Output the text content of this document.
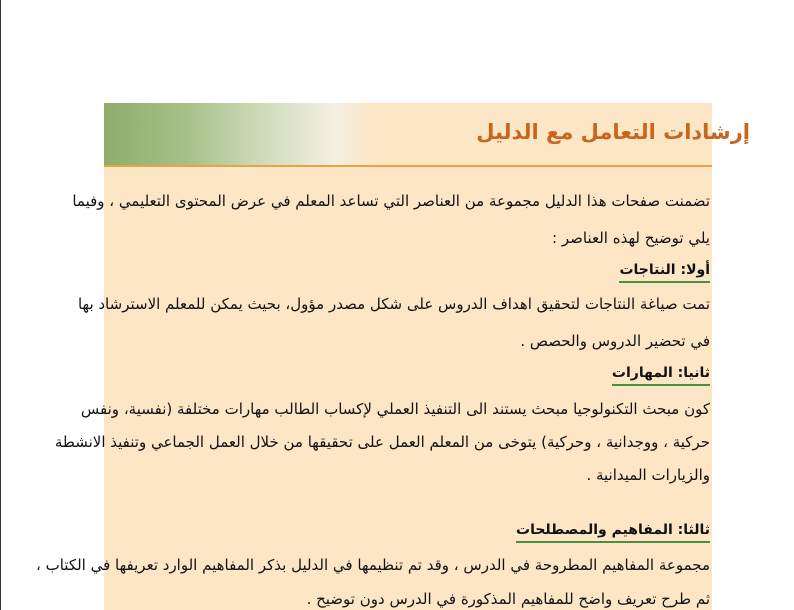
إرشادات التعامل مع الدليل
تضمنت صفحات هذا الدليل مجموعة من العناصر التي تساعد المعلم في عرض المحتوى التعليمي ، وفيما
يلي توضيح لهذه العناصر :
أولا: النتاجات
تمت صياغة النتاجات لتحقيق اهداف الدروس على شكل مصدر مؤول، بحيث يمكن للمعلم الاسترشاد بها
في تحضير الدروس والحصص .
ثانيا: المهارات
كون مبحث التكنولوجيا مبحث يستند الى التنفيذ العملي لإكساب الطالب مهارات مختلفة (نفسية، ونفس
حركية ، ووجدانية ، وحركية) يتوخى من المعلم العمل على تحقيقها من خلال العمل الجماعي وتنفيذ الانشطة
والزيارات الميدانية .
ثالثا: المفاهيم والمصطلحات
مجموعة المفاهيم المطروحة في الدرس ، وقد تم تنظيمها في الدليل بذكر المفاهيم الوارد تعريفها في الكتاب ،
ثم طرح تعريف واضح للمفاهيم المذكورة في الدرس دون توضيح .
